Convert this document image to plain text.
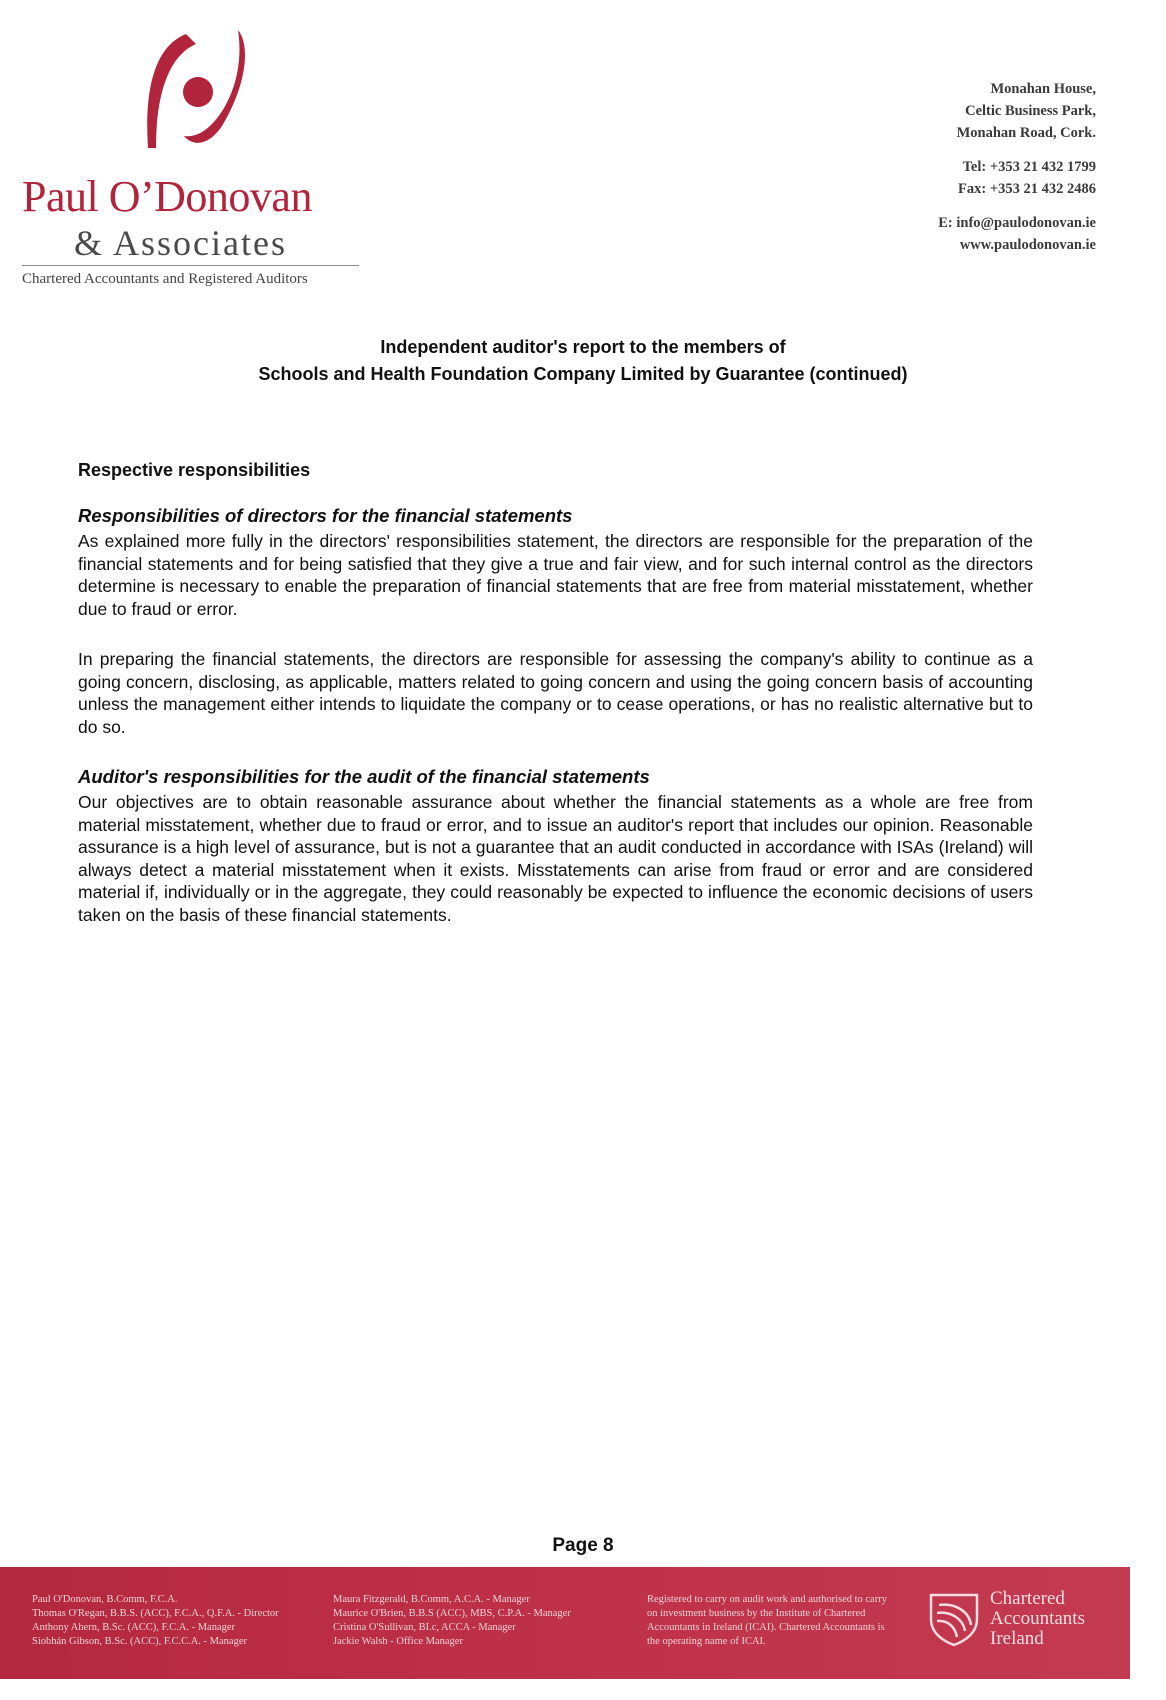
Paul O’Donovan

& Associates

Chartered Accountants and Registered Auditors

Monahan House,
Celtic Business Park,
Monahan Road, Cork.
Tel: +353 21 432 1799
Fax: +353 21 432 2486
E: info@paulodonovan.ie
www.paulodonovan.ie
Independent auditor's report to the members of
Schools and Health Foundation Company Limited by Guarantee (continued)

Respective responsibilities

Responsibilities of directors for the financial statements

As explained more fully in the directors' responsibilities statement, the directors are responsible for the preparation of the financial statements and for being satisfied that they give a true and fair view, and for such internal control as the directors determine is necessary to enable the preparation of financial statements that are free from material misstatement, whether due to fraud or error.

In preparing the financial statements, the directors are responsible for assessing the company's ability to continue as a going concern, disclosing, as applicable, matters related to going concern and using the going concern basis of accounting unless the management either intends to liquidate the company or to cease operations, or has no realistic alternative but to do so.

Auditor's responsibilities for the audit of the financial statements

Our objectives are to obtain reasonable assurance about whether the financial statements as a whole are free from material misstatement, whether due to fraud or error, and to issue an auditor's report that includes our opinion. Reasonable assurance is a high level of assurance, but is not a guarantee that an audit conducted in accordance with ISAs (Ireland) will always detect a material misstatement when it exists. Misstatements can arise from fraud or error and are considered material if, individually or in the aggregate, they could reasonably be expected to influence the economic decisions of users taken on the basis of these financial statements.

Page 8

Paul O'Donovan, B.Comm, F.C.A.
Thomas O'Regan, B.B.S. (ACC), F.C.A., Q.F.A. - Director
Anthony Ahern, B.Sc. (ACC), F.C.A. - Manager
Siobhán Gibson, B.Sc. (ACC), F.C.C.A. - Manager
Maura Fitzgerald, B.Comm, A.C.A. - Manager
Maurice O'Brien, B.B.S (ACC), MBS, C.P.A. - Manager
Cristina O'Sullivan, BI.c, ACCA - Manager
Jackie Walsh - Office Manager
Registered to carry on audit work and authorised to carry on investment business by the Institute of Chartered Accountants in Ireland (ICAI). Chartered Accountants is the operating name of ICAI.
Chartered
Accountants
Ireland
